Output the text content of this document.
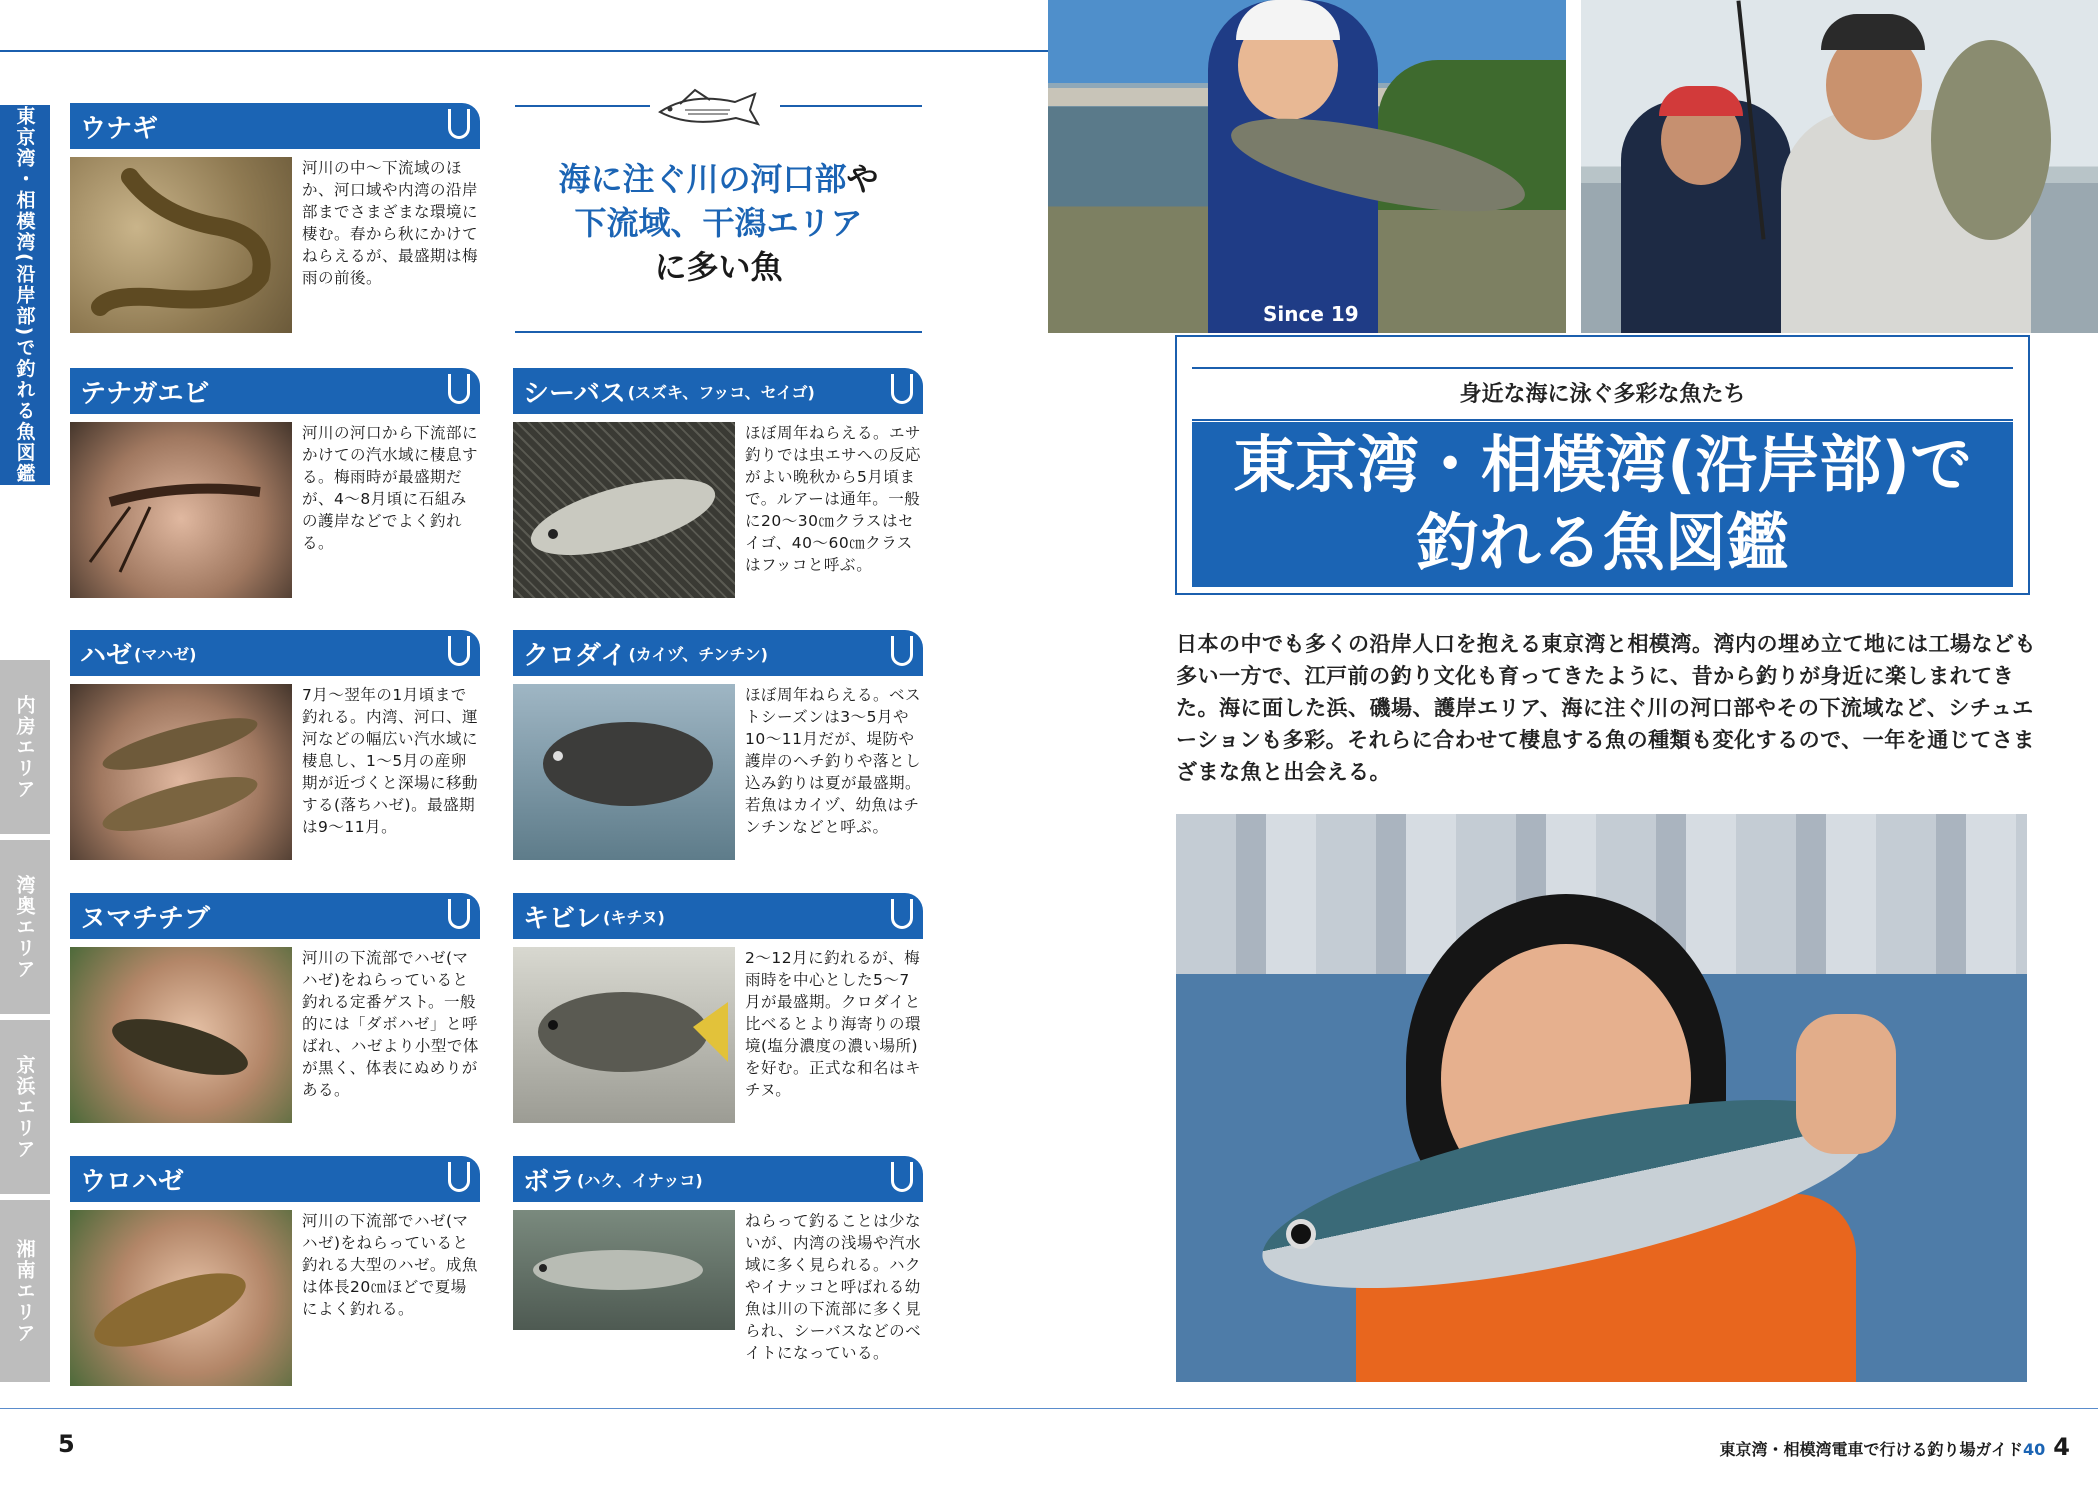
東京湾・相模湾(沿岸部)で釣れる魚図鑑
内房エリア
湾奥エリア
京浜エリア
湘南エリア
海に注ぐ川の河口部や
下流域、干潟エリア
に多い魚
ウナギ
河川の中～下流域のほか、河口域や内湾の沿岸部までさまざまな環境に棲む。春から秋にかけてねらえるが、最盛期は梅雨の前後。
テナガエビ
河川の河口から下流部にかけての汽水域に棲息する。梅雨時が最盛期だが、4～8月頃に石組みの護岸などでよく釣れる。
ハゼ (マハゼ)
7月～翌年の1月頃まで釣れる。内湾、河口、運河などの幅広い汽水域に棲息し、1～5月の産卵期が近づくと深場に移動する(落ちハゼ)。最盛期は9～11月。
ヌマチチブ
河川の下流部でハゼ(マハゼ)をねらっていると釣れる定番ゲスト。一般的には「ダボハゼ」と呼ばれ、ハゼより小型で体が黒く、体表にぬめりがある。
ウロハゼ
河川の下流部でハゼ(マハゼ)をねらっていると釣れる大型のハゼ。成魚は体長20㎝ほどで夏場によく釣れる。
シーバス (スズキ、フッコ、セイゴ)
ほぼ周年ねらえる。エサ釣りでは虫エサへの反応がよい晩秋から5月頃まで。ルアーは通年。一般に20～30㎝クラスはセイゴ、40～60㎝クラスはフッコと呼ぶ。
クロダイ (カイヅ、チンチン)
ほぼ周年ねらえる。ベストシーズンは3～5月や10～11月だが、堤防や護岸のヘチ釣りや落とし込み釣りは夏が最盛期。若魚はカイヅ、幼魚はチンチンなどと呼ぶ。
キビレ (キチヌ)
2～12月に釣れるが、梅雨時を中心とした5～7月が最盛期。クロダイと比べるとより海寄りの環境(塩分濃度の濃い場所)を好む。正式な和名はキチヌ。
ボラ (ハク、イナッコ)
ねらって釣ることは少ないが、内湾の浅場や汽水域に多く見られる。ハクやイナッコと呼ばれる幼魚は川の下流部に多く見られ、シーバスなどのベイトになっている。
Since 19
身近な海に泳ぐ多彩な魚たち
東京湾・相模湾(沿岸部)で
釣れる魚図鑑
日本の中でも多くの沿岸人口を抱える東京湾と相模湾。湾内の埋め立て地には工場なども多い一方で、江戸前の釣り文化も育ってきたように、昔から釣りが身近に楽しまれてきた。海に面した浜、磯場、護岸エリア、海に注ぐ川の河口部やその下流域など、シチュエーションも多彩。それらに合わせて棲息する魚の種類も変化するので、一年を通じてさまざまな魚と出会える。
5	東京湾・相模湾電車で行ける釣り場ガイド40 4
